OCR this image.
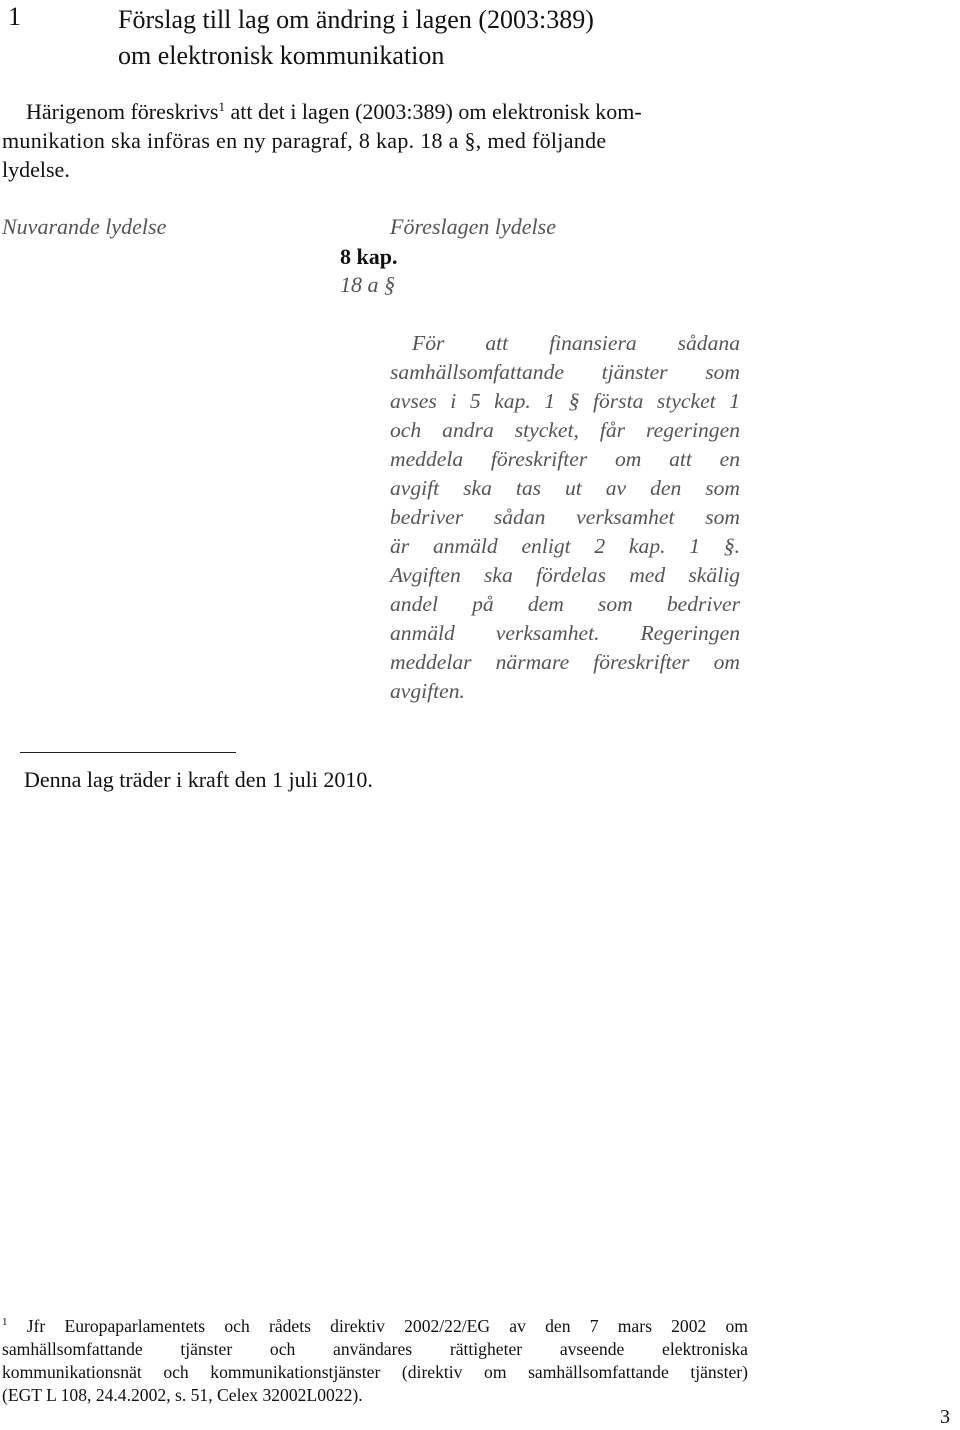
1	Förslag till lag om ändring i lagen (2003:389)
om elektronisk kommunikation
Härigenom föreskrivs$^1$ att det i lagen (2003:389) om elektronisk kom-
munikation ska införas en ny paragraf, 8 kap. 18 a §, med följande
lydelse.
Nuvarande lydelse	Föreslagen lydelse
8 kap.
18 a §
För att finansiera sådana
samhällsomfattande tjänster som
avses i 5 kap. 1 § första stycket 1
och andra stycket, får regeringen
meddela föreskrifter om att en
avgift ska tas ut av den som
bedriver sådan verksamhet som
är anmäld enligt 2 kap. 1 §.
Avgiften ska fördelas med skälig
andel på dem som bedriver
anmäld verksamhet. Regeringen
meddelar närmare föreskrifter om
avgiften.
Denna lag träder i kraft den 1 juli 2010.
$^1$ Jfr Europaparlamentets och rådets direktiv 2002/22/EG av den 7 mars 2002 om
samhällsomfattande tjänster och användares rättigheter avseende elektroniska
kommunikationsnät och kommunikationstjänster (direktiv om samhällsomfattande tjänster)
(EGT L 108, 24.4.2002, s. 51, Celex 32002L0022).
3
